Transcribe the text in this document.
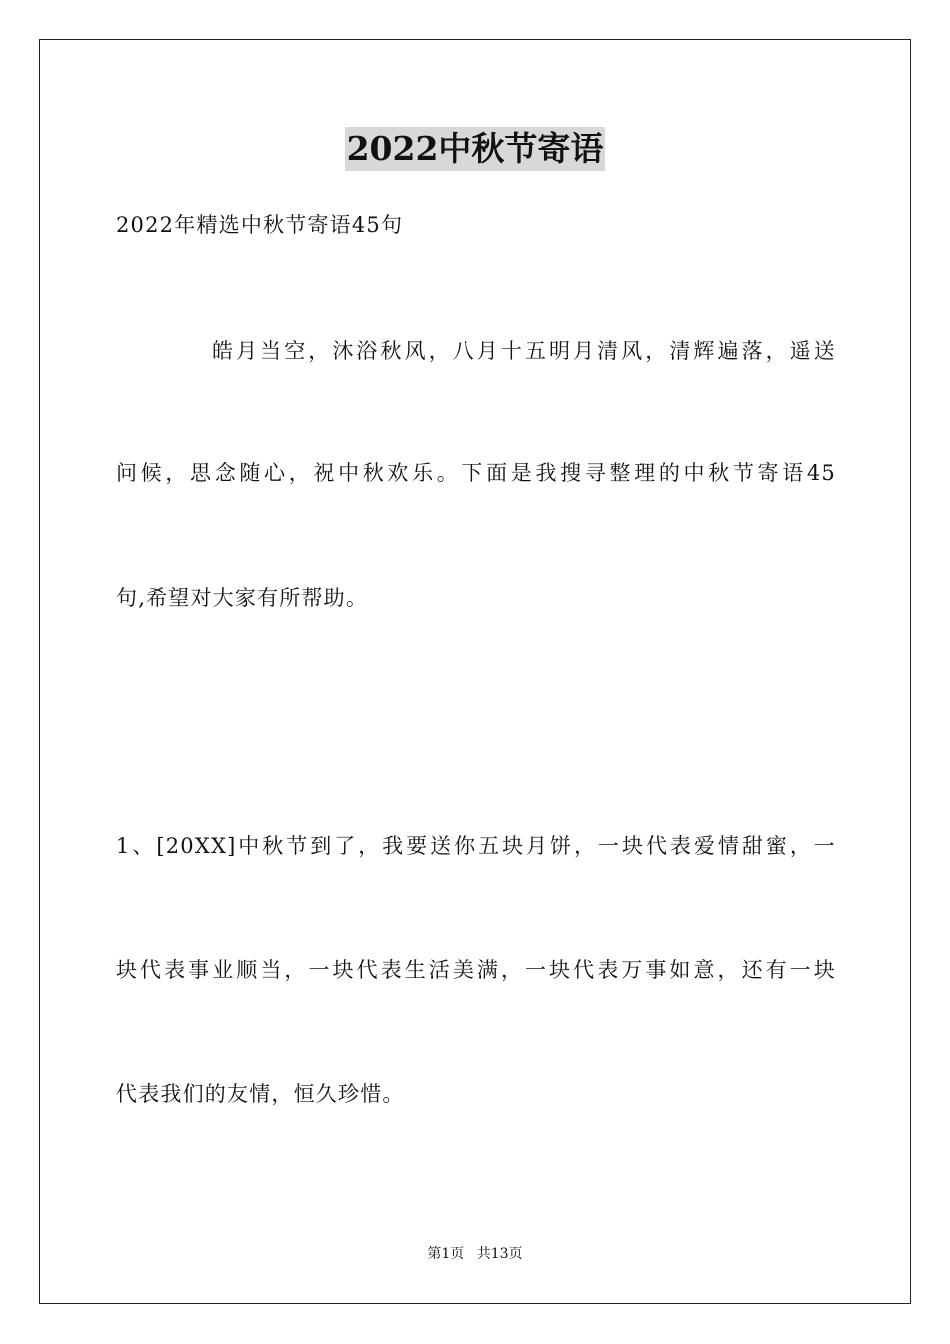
2022中秋节寄语
2022年精选中秋节寄语45句
皓月当空，沐浴秋风，八月十五明月清风，清辉遍落，遥送
问候，思念随心，祝中秋欢乐。下面是我搜寻整理的中秋节寄语45
句,希望对大家有所帮助。
1、[20XX]中秋节到了，我要送你五块月饼，一块代表爱情甜蜜，一
块代表事业顺当，一块代表生活美满，一块代表万事如意，还有一块
代表我们的友情，恒久珍惜。
第1页 共13页
